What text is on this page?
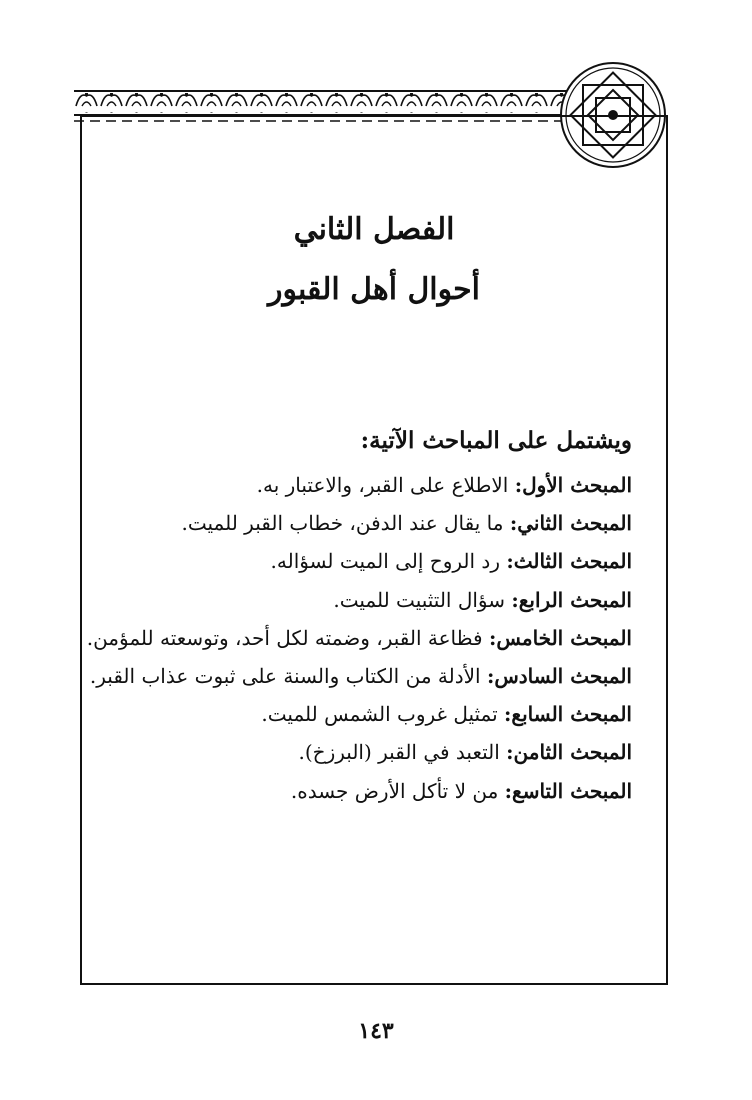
الفصل الثاني
أحوال أهل القبور
ويشتمل على المباحث الآتية:
المبحث الأول: الاطلاع على القبر، والاعتبار به.
المبحث الثاني: ما يقال عند الدفن، خطاب القبر للميت.
المبحث الثالث: رد الروح إلى الميت لسؤاله.
المبحث الرابع: سؤال التثبيت للميت.
المبحث الخامس: فظاعة القبر، وضمته لكل أحد، وتوسعته للمؤمن.
المبحث السادس: الأدلة من الكتاب والسنة على ثبوت عذاب القبر.
المبحث السابع: تمثيل غروب الشمس للميت.
المبحث الثامن: التعبد في القبر (البرزخ).
المبحث التاسع: من لا تأكل الأرض جسده.
١٤٣
